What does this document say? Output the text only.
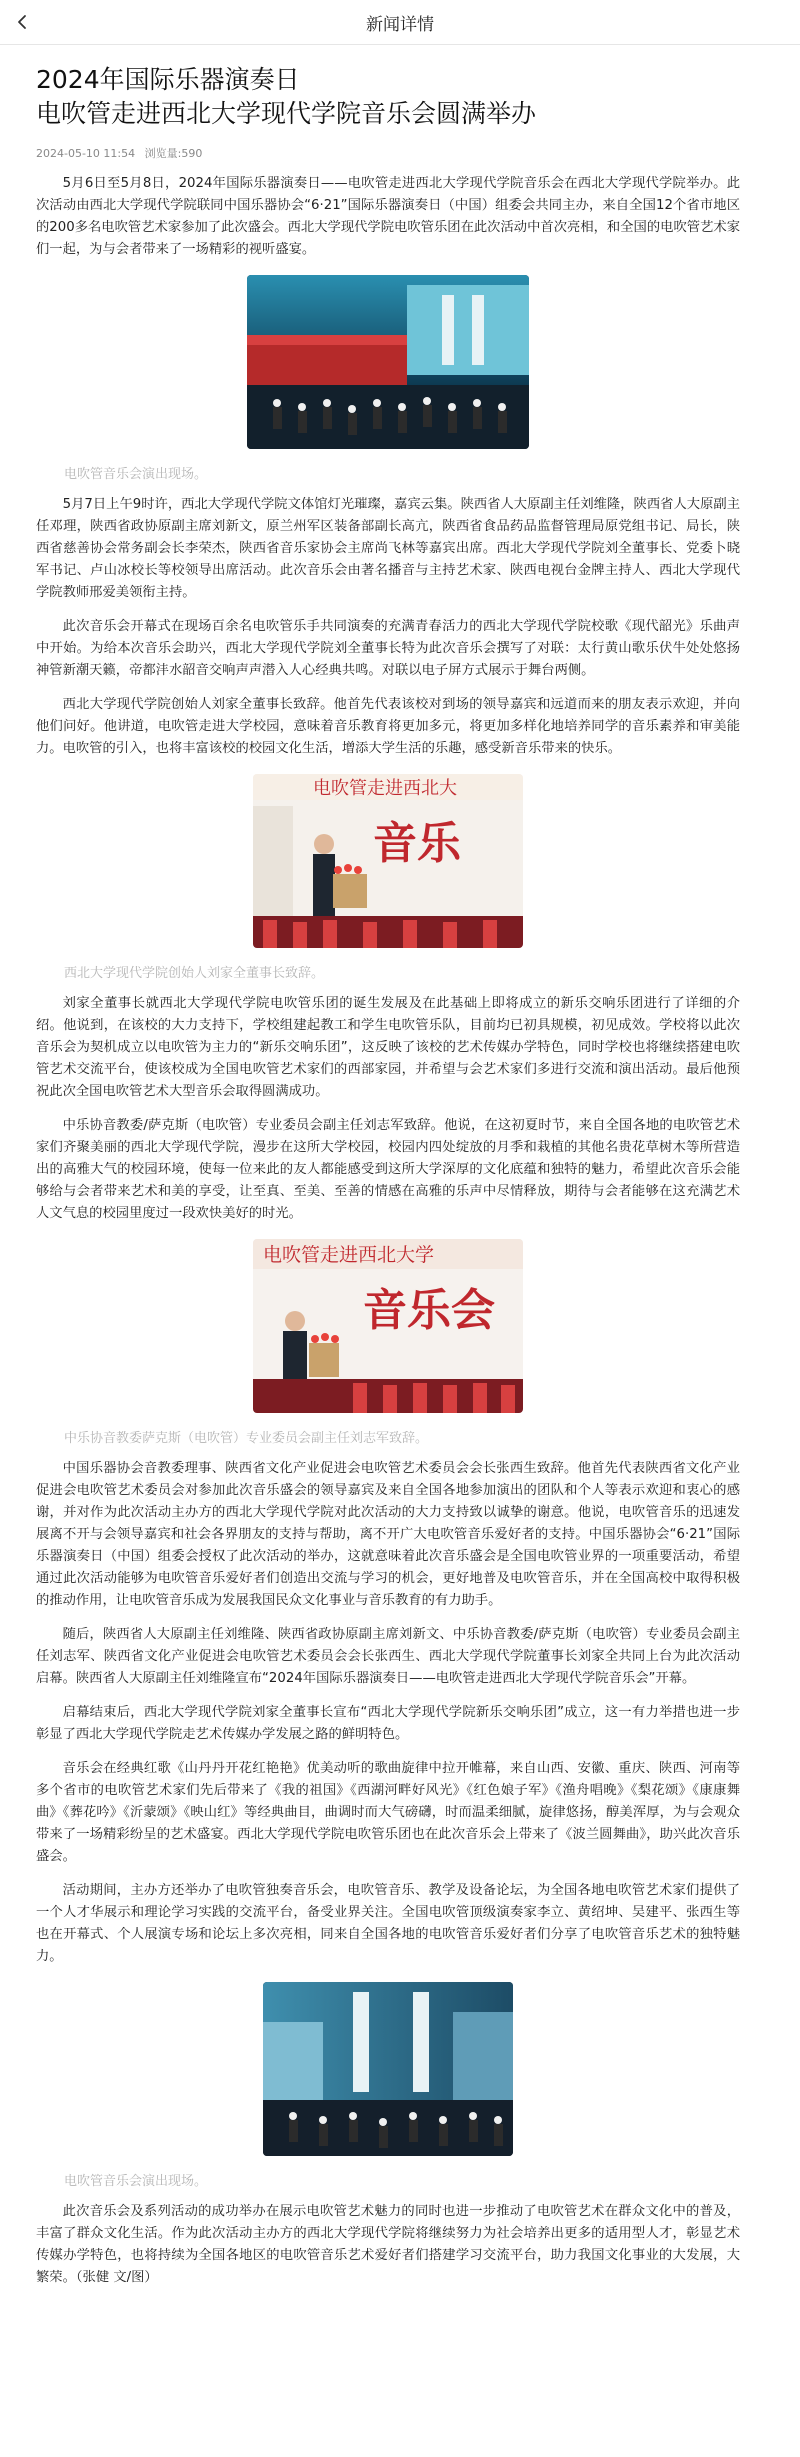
新闻详情
2024年国际乐器演奏日
电吹管走进西北大学现代学院音乐会圆满举办
2024-05-10 11:54 浏览量:590

5月6日至5月8日，2024年国际乐器演奏日——电吹管走进西北大学现代学院音乐会在西北大学现代学院举办。此次活动由西北大学现代学院联同中国乐器协会“6·21”国际乐器演奏日（中国）组委会共同主办，来自全国12个省市地区的200多名电吹管艺术家参加了此次盛会。西北大学现代学院电吹管乐团在此次活动中首次亮相，和全国的电吹管艺术家们一起，为与会者带来了一场精彩的视听盛宴。

电吹管音乐会演出现场。

5月7日上午9时许，西北大学现代学院文体馆灯光璀璨，嘉宾云集。陕西省人大原副主任刘维隆，陕西省人大原副主任邓理，陕西省政协原副主席刘新文，原兰州军区装备部副长高亢，陕西省食品药品监督管理局原党组书记、局长，陕西省慈善协会常务副会长李荣杰，陕西省音乐家协会主席尚飞林等嘉宾出席。西北大学现代学院刘全董事长、党委卜晓军书记、卢山冰校长等校领导出席活动。此次音乐会由著名播音与主持艺术家、陕西电视台金牌主持人、西北大学现代学院教师邢爱美领衔主持。

此次音乐会开幕式在现场百余名电吹管乐手共同演奏的充满青春活力的西北大学现代学院校歌《现代韶光》乐曲声中开始。为给本次音乐会助兴，西北大学现代学院刘全董事长特为此次音乐会撰写了对联：太行黄山歌乐伏牛处处悠扬神管新潮天籁，帝都沣水韶音交响声声潜入人心经典共鸣。对联以电子屏方式展示于舞台两侧。

西北大学现代学院创始人刘家全董事长致辞。他首先代表该校对到场的领导嘉宾和远道而来的朋友表示欢迎，并向他们问好。他讲道，电吹管走进大学校园，意味着音乐教育将更加多元，将更加多样化地培养同学的音乐素养和审美能力。电吹管的引入，也将丰富该校的校园文化生活，增添大学生活的乐趣，感受新音乐带来的快乐。

电吹管走进西北大
音乐
西北大学现代学院创始人刘家全董事长致辞。

刘家全董事长就西北大学现代学院电吹管乐团的诞生发展及在此基础上即将成立的新乐交响乐团进行了详细的介绍。他说到，在该校的大力支持下，学校组建起教工和学生电吹管乐队，目前均已初具规模，初见成效。学校将以此次音乐会为契机成立以电吹管为主力的“新乐交响乐团”，这反映了该校的艺术传媒办学特色，同时学校也将继续搭建电吹管艺术交流平台，使该校成为全国电吹管艺术家们的西部家园，并希望与会艺术家们多进行交流和演出活动。最后他预祝此次全国电吹管艺术大型音乐会取得圆满成功。

中乐协音教委/萨克斯（电吹管）专业委员会副主任刘志军致辞。他说，在这初夏时节，来自全国各地的电吹管艺术家们齐聚美丽的西北大学现代学院，漫步在这所大学校园，校园内四处绽放的月季和栽植的其他名贵花草树木等所营造出的高雅大气的校园环境，使每一位来此的友人都能感受到这所大学深厚的文化底蕴和独特的魅力，希望此次音乐会能够给与会者带来艺术和美的享受，让至真、至美、至善的情感在高雅的乐声中尽情释放，期待与会者能够在这充满艺术人文气息的校园里度过一段欢快美好的时光。

电吹管走进西北大学
音乐会
中乐协音教委萨克斯（电吹管）专业委员会副主任刘志军致辞。

中国乐器协会音教委理事、陕西省文化产业促进会电吹管艺术委员会会长张西生致辞。他首先代表陕西省文化产业促进会电吹管艺术委员会对参加此次音乐盛会的领导嘉宾及来自全国各地参加演出的团队和个人等表示欢迎和衷心的感谢，并对作为此次活动主办方的西北大学现代学院对此次活动的大力支持致以诚挚的谢意。他说，电吹管音乐的迅速发展离不开与会领导嘉宾和社会各界朋友的支持与帮助，离不开广大电吹管音乐爱好者的支持。中国乐器协会“6·21”国际乐器演奏日（中国）组委会授权了此次活动的举办，这就意味着此次音乐盛会是全国电吹管业界的一项重要活动，希望通过此次活动能够为电吹管音乐爱好者们创造出交流与学习的机会，更好地普及电吹管音乐，并在全国高校中取得积极的推动作用，让电吹管音乐成为发展我国民众文化事业与音乐教育的有力助手。

随后，陕西省人大原副主任刘维隆、陕西省政协原副主席刘新文、中乐协音教委/萨克斯（电吹管）专业委员会副主任刘志军、陕西省文化产业促进会电吹管艺术委员会会长张西生、西北大学现代学院董事长刘家全共同上台为此次活动启幕。陕西省人大原副主任刘维隆宣布“2024年国际乐器演奏日——电吹管走进西北大学现代学院音乐会”开幕。

启幕结束后，西北大学现代学院刘家全董事长宣布“西北大学现代学院新乐交响乐团”成立，这一有力举措也进一步彰显了西北大学现代学院走艺术传媒办学发展之路的鲜明特色。

音乐会在经典红歌《山丹丹开花红艳艳》优美动听的歌曲旋律中拉开帷幕，来自山西、安徽、重庆、陕西、河南等多个省市的电吹管艺术家们先后带来了《我的祖国》《西湖河畔好风光》《红色娘子军》《渔舟唱晚》《梨花颂》《康康舞曲》《葬花吟》《沂蒙颂》《映山红》等经典曲目，曲调时而大气磅礴，时而温柔细腻，旋律悠扬，醇美浑厚，为与会观众带来了一场精彩纷呈的艺术盛宴。西北大学现代学院电吹管乐团也在此次音乐会上带来了《波兰圆舞曲》，助兴此次音乐盛会。

活动期间，主办方还举办了电吹管独奏音乐会，电吹管音乐、教学及设备论坛，为全国各地电吹管艺术家们提供了一个人才华展示和理论学习实践的交流平台，备受业界关注。全国电吹管顶级演奏家李立、黄绍坤、吴建平、张西生等也在开幕式、个人展演专场和论坛上多次亮相，同来自全国各地的电吹管音乐爱好者们分享了电吹管音乐艺术的独特魅力。

电吹管音乐会演出现场。

此次音乐会及系列活动的成功举办在展示电吹管艺术魅力的同时也进一步推动了电吹管艺术在群众文化中的普及，丰富了群众文化生活。作为此次活动主办方的西北大学现代学院将继续努力为社会培养出更多的适用型人才，彰显艺术传媒办学特色，也将持续为全国各地区的电吹管音乐艺术爱好者们搭建学习交流平台，助力我国文化事业的大发展，大繁荣。（张健 文/图）
